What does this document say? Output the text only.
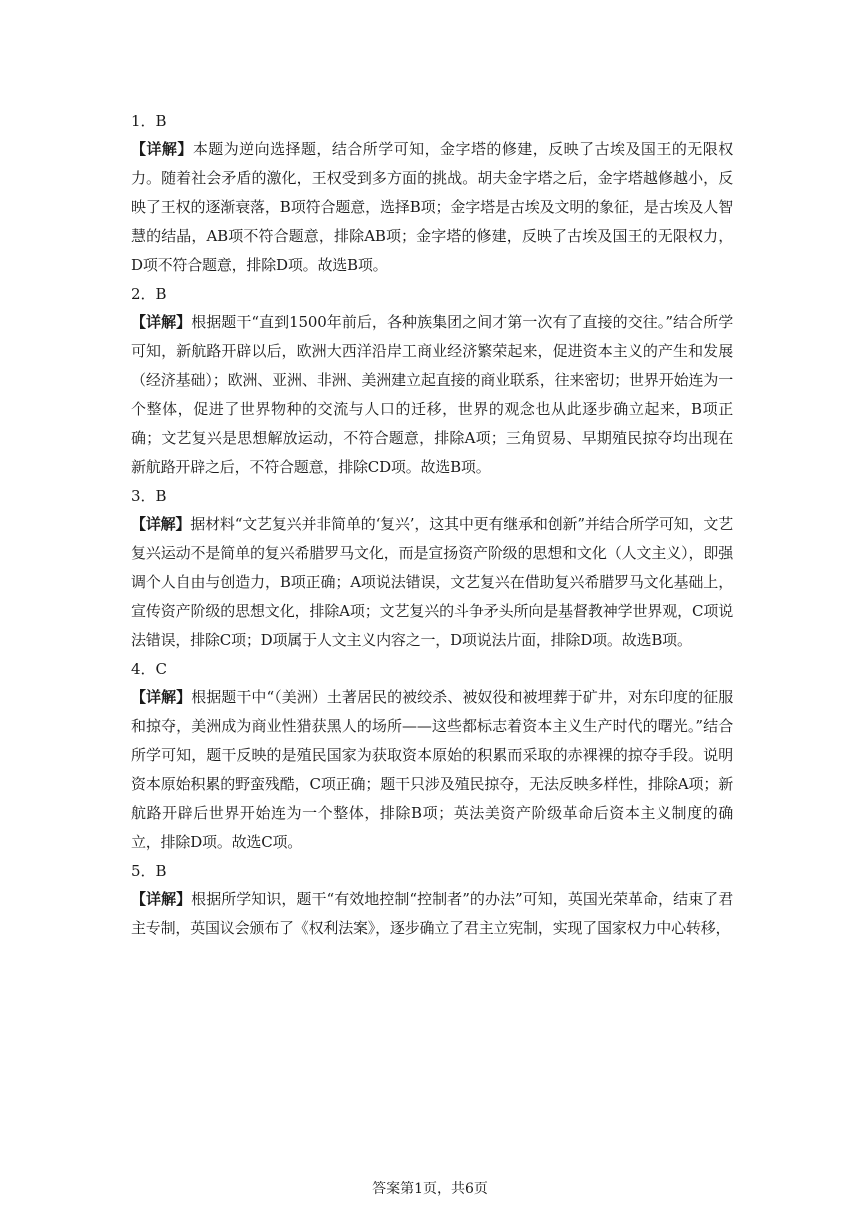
1．B
【详解】本题为逆向选择题，结合所学可知，金字塔的修建，反映了古埃及国王的无限权力。随着社会矛盾的激化，王权受到多方面的挑战。胡夫金字塔之后，金字塔越修越小，反映了王权的逐渐衰落，B项符合题意，选择B项；金字塔是古埃及文明的象征，是古埃及人智慧的结晶，AB项不符合题意，排除AB项；金字塔的修建，反映了古埃及国王的无限权力，D项不符合题意，排除D项。故选B项。
2．B
【详解】根据题干“直到1500年前后，各种族集团之间才第一次有了直接的交往。”结合所学可知，新航路开辟以后，欧洲大西洋沿岸工商业经济繁荣起来，促进资本主义的产生和发展（经济基础）；欧洲、亚洲、非洲、美洲建立起直接的商业联系，往来密切；世界开始连为一个整体，促进了世界物种的交流与人口的迁移，世界的观念也从此逐步确立起来，B项正确；文艺复兴是思想解放运动，不符合题意，排除A项；三角贸易、早期殖民掠夺均出现在新航路开辟之后，不符合题意，排除CD项。故选B项。
3．B
【详解】据材料“文艺复兴并非简单的‘复兴’，这其中更有继承和创新”并结合所学可知，文艺复兴运动不是简单的复兴希腊罗马文化，而是宣扬资产阶级的思想和文化（人文主义），即强调个人自由与创造力，B项正确；A项说法错误，文艺复兴在借助复兴希腊罗马文化基础上，宣传资产阶级的思想文化，排除A项；文艺复兴的斗争矛头所向是基督教神学世界观，C项说法错误，排除C项；D项属于人文主义内容之一，D项说法片面，排除D项。故选B项。
4．C
【详解】根据题干中“（美洲）土著居民的被绞杀、被奴役和被埋葬于矿井，对东印度的征服和掠夺，美洲成为商业性猎获黑人的场所——这些都标志着资本主义生产时代的曙光。”结合所学可知，题干反映的是殖民国家为获取资本原始的积累而采取的赤裸裸的掠夺手段。说明资本原始积累的野蛮残酷，C项正确；题干只涉及殖民掠夺，无法反映多样性，排除A项；新航路开辟后世界开始连为一个整体，排除B项；英法美资产阶级革命后资本主义制度的确立，排除D项。故选C项。
5．B
【详解】根据所学知识，题干“有效地控制“控制者”的办法”可知，英国光荣革命，结束了君主专制，英国议会颁布了《权利法案》，逐步确立了君主立宪制，实现了国家权力中心转移，
答案第1页，共6页
